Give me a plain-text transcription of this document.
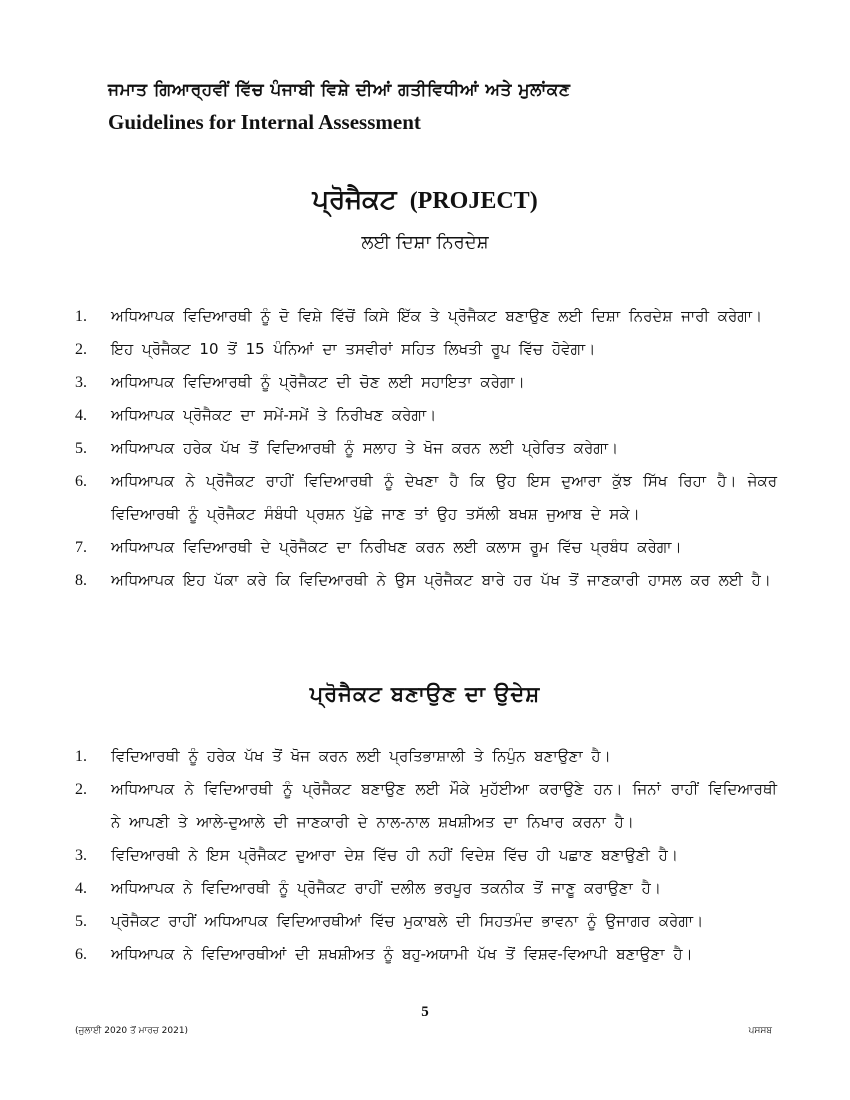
ਜਮਾਤ ਗਿਆਰ੍ਹਵੀਂ ਵਿੱਚ ਪੰਜਾਬੀ ਵਿਸ਼ੇ ਦੀਆਂ ਗਤੀਵਿਧੀਆਂ ਅਤੇ ਮੁਲਾਂਕਣ
Guidelines for Internal Assessment
ਪ੍ਰੋਜੈਕਟ (PROJECT)
ਲਈ ਦਿਸ਼ਾ ਨਿਰਦੇਸ਼
1.	ਅਧਿਆਪਕ ਵਿਦਿਆਰਥੀ ਨੂੰ ਦੋ ਵਿਸ਼ੇ ਵਿੱਚੋਂ ਕਿਸੇ ਇੱਕ ਤੇ ਪ੍ਰੋਜੈਕਟ ਬਣਾਉਣ ਲਈ ਦਿਸ਼ਾ ਨਿਰਦੇਸ਼ ਜਾਰੀ ਕਰੇਗਾ।
2.	ਇਹ ਪ੍ਰੋਜੈਕਟ 10 ਤੋਂ 15 ਪੰਨਿਆਂ ਦਾ ਤਸਵੀਰਾਂ ਸਹਿਤ ਲਿਖਤੀ ਰੂਪ ਵਿੱਚ ਹੋਵੇਗਾ।
3.	ਅਧਿਆਪਕ ਵਿਦਿਆਰਥੀ ਨੂੰ ਪ੍ਰੋਜੈਕਟ ਦੀ ਚੋਣ ਲਈ ਸਹਾਇਤਾ ਕਰੇਗਾ।
4.	ਅਧਿਆਪਕ ਪ੍ਰੋਜੈਕਟ ਦਾ ਸਮੇਂ-ਸਮੇਂ ਤੇ ਨਿਰੀਖਣ ਕਰੇਗਾ।
5.	ਅਧਿਆਪਕ ਹਰੇਕ ਪੱਖ ਤੋਂ ਵਿਦਿਆਰਥੀ ਨੂੰ ਸਲਾਹ ਤੇ ਖੋਜ ਕਰਨ ਲਈ ਪ੍ਰੇਰਿਤ ਕਰੇਗਾ।
6.	ਅਧਿਆਪਕ ਨੇ ਪ੍ਰੋਜੈਕਟ ਰਾਹੀਂ ਵਿਦਿਆਰਥੀ ਨੂੰ ਦੇਖਣਾ ਹੈ ਕਿ ਉਹ ਇਸ ਦੁਆਰਾ ਕੁੱਝ ਸਿੱਖ ਰਿਹਾ ਹੈ। ਜੇਕਰ ਵਿਦਿਆਰਥੀ ਨੂੰ ਪ੍ਰੋਜੈਕਟ ਸੰਬੰਧੀ ਪ੍ਰਸ਼ਨ ਪੁੱਛੇ ਜਾਣ ਤਾਂ ਉਹ ਤਸੱਲੀ ਬਖਸ਼ ਜੁਆਬ ਦੇ ਸਕੇ।
7.	ਅਧਿਆਪਕ ਵਿਦਿਆਰਥੀ ਦੇ ਪ੍ਰੋਜੈਕਟ ਦਾ ਨਿਰੀਖਣ ਕਰਨ ਲਈ ਕਲਾਸ ਰੂਮ ਵਿੱਚ ਪ੍ਰਬੰਧ ਕਰੇਗਾ।
8.	ਅਧਿਆਪਕ ਇਹ ਪੱਕਾ ਕਰੇ ਕਿ ਵਿਦਿਆਰਥੀ ਨੇ ਉਸ ਪ੍ਰੋਜੈਕਟ ਬਾਰੇ ਹਰ ਪੱਖ ਤੋਂ ਜਾਣਕਾਰੀ ਹਾਸਲ ਕਰ ਲਈ ਹੈ।
ਪ੍ਰੋਜੈਕਟ ਬਣਾਉਣ ਦਾ ਉਦੇਸ਼
1.	ਵਿਦਿਆਰਥੀ ਨੂੰ ਹਰੇਕ ਪੱਖ ਤੋਂ ਖੋਜ ਕਰਨ ਲਈ ਪ੍ਰਤਿਭਾਸ਼ਾਲੀ ਤੇ ਨਿਪੁੰਨ ਬਣਾਉਣਾ ਹੈ।
2.	ਅਧਿਆਪਕ ਨੇ ਵਿਦਿਆਰਥੀ ਨੂੰ ਪ੍ਰੋਜੈਕਟ ਬਣਾਉਣ ਲਈ ਮੌਕੇ ਮੁਹੱਈਆ ਕਰਾਉਣੇ ਹਨ। ਜਿਨਾਂ ਰਾਹੀਂ ਵਿਦਿਆਰਥੀ ਨੇ ਆਪਣੀ ਤੇ ਆਲੇ-ਦੁਆਲੇ ਦੀ ਜਾਣਕਾਰੀ ਦੇ ਨਾਲ-ਨਾਲ ਸ਼ਖਸ਼ੀਅਤ ਦਾ ਨਿਖਾਰ ਕਰਨਾ ਹੈ।
3.	ਵਿਦਿਆਰਥੀ ਨੇ ਇਸ ਪ੍ਰੋਜੈਕਟ ਦੁਆਰਾ ਦੇਸ਼ ਵਿੱਚ ਹੀ ਨਹੀਂ ਵਿਦੇਸ਼ ਵਿੱਚ ਹੀ ਪਛਾਣ ਬਣਾਉਣੀ ਹੈ।
4.	ਅਧਿਆਪਕ ਨੇ ਵਿਦਿਆਰਥੀ ਨੂੰ ਪ੍ਰੋਜੈਕਟ ਰਾਹੀਂ ਦਲੀਲ ਭਰਪੂਰ ਤਕਨੀਕ ਤੋਂ ਜਾਣੂ ਕਰਾਉਣਾ ਹੈ।
5.	ਪ੍ਰੋਜੈਕਟ ਰਾਹੀਂ ਅਧਿਆਪਕ ਵਿਦਿਆਰਥੀਆਂ ਵਿੱਚ ਮੁਕਾਬਲੇ ਦੀ ਸਿਹਤਮੰਦ ਭਾਵਨਾ ਨੂੰ ਉਜਾਗਰ ਕਰੇਗਾ।
6.	ਅਧਿਆਪਕ ਨੇ ਵਿਦਿਆਰਥੀਆਂ ਦੀ ਸ਼ਖਸ਼ੀਅਤ ਨੂੰ ਬਹੁ-ਅਯਾਮੀ ਪੱਖ ਤੋਂ ਵਿਸ਼ਵ-ਵਿਆਪੀ ਬਣਾਉਣਾ ਹੈ।
5
(ਜੁਲਾਈ 2020 ਤੋਂ ਮਾਰਚ 2021)	ਪਸਸਬ
